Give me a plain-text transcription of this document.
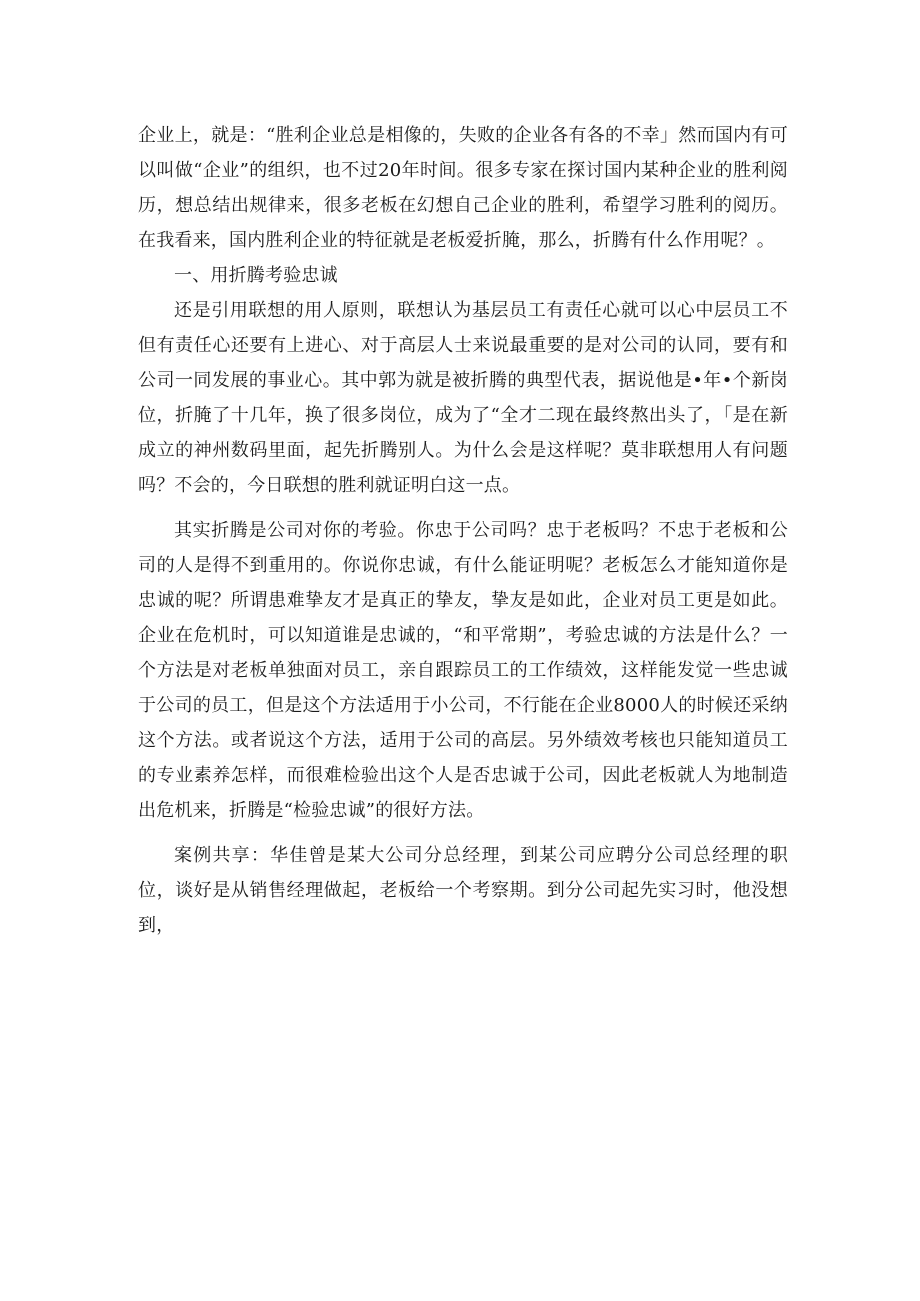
企业上，就是：“胜利企业总是相像的，失败的企业各有各的不幸」然而国内有可以叫做“企业”的组织，也不过20年时间。很多专家在探讨国内某种企业的胜利阅历，想总结出规律来，很多老板在幻想自己企业的胜利，希望学习胜利的阅历。在我看来，国内胜利企业的特征就是老板爱折腌，那么，折腾有什么作用呢？。

一、用折腾考验忠诚

还是引用联想的用人原则，联想认为基层员工有责任心就可以心中层员工不但有责任心还要有上进心、对于高层人士来说最重要的是对公司的认同，要有和公司一同发展的事业心。其中郭为就是被折腾的典型代表，据说他是•年•个新岗位，折腌了十几年，换了很多岗位，成为了“全才二现在最终熬出头了，「是在新成立的神州数码里面，起先折腾别人。为什么会是这样呢？莫非联想用人有问题吗？不会的，今日联想的胜利就证明白这一点。

其实折腾是公司对你的考验。你忠于公司吗？忠于老板吗？不忠于老板和公司的人是得不到重用的。你说你忠诚，有什么能证明呢？老板怎么才能知道你是忠诚的呢？所谓患难挚友才是真正的挚友，挚友是如此，企业对员工更是如此。企业在危机时，可以知道谁是忠诚的，“和平常期”，考验忠诚的方法是什么？一个方法是对老板单独面对员工，亲自跟踪员工的工作绩效，这样能发觉一些忠诚于公司的员工，但是这个方法适用于小公司，不行能在企业8000人的时候还采纳这个方法。或者说这个方法，适用于公司的高层。另外绩效考核也只能知道员工的专业素养怎样，而很难检验出这个人是否忠诚于公司，因此老板就人为地制造出危机来，折腾是“检验忠诚”的很好方法。

案例共享：华佳曾是某大公司分总经理，到某公司应聘分公司总经理的职位，谈好是从销售经理做起，老板给一个考察期。到分公司起先实习时，他没想到，
